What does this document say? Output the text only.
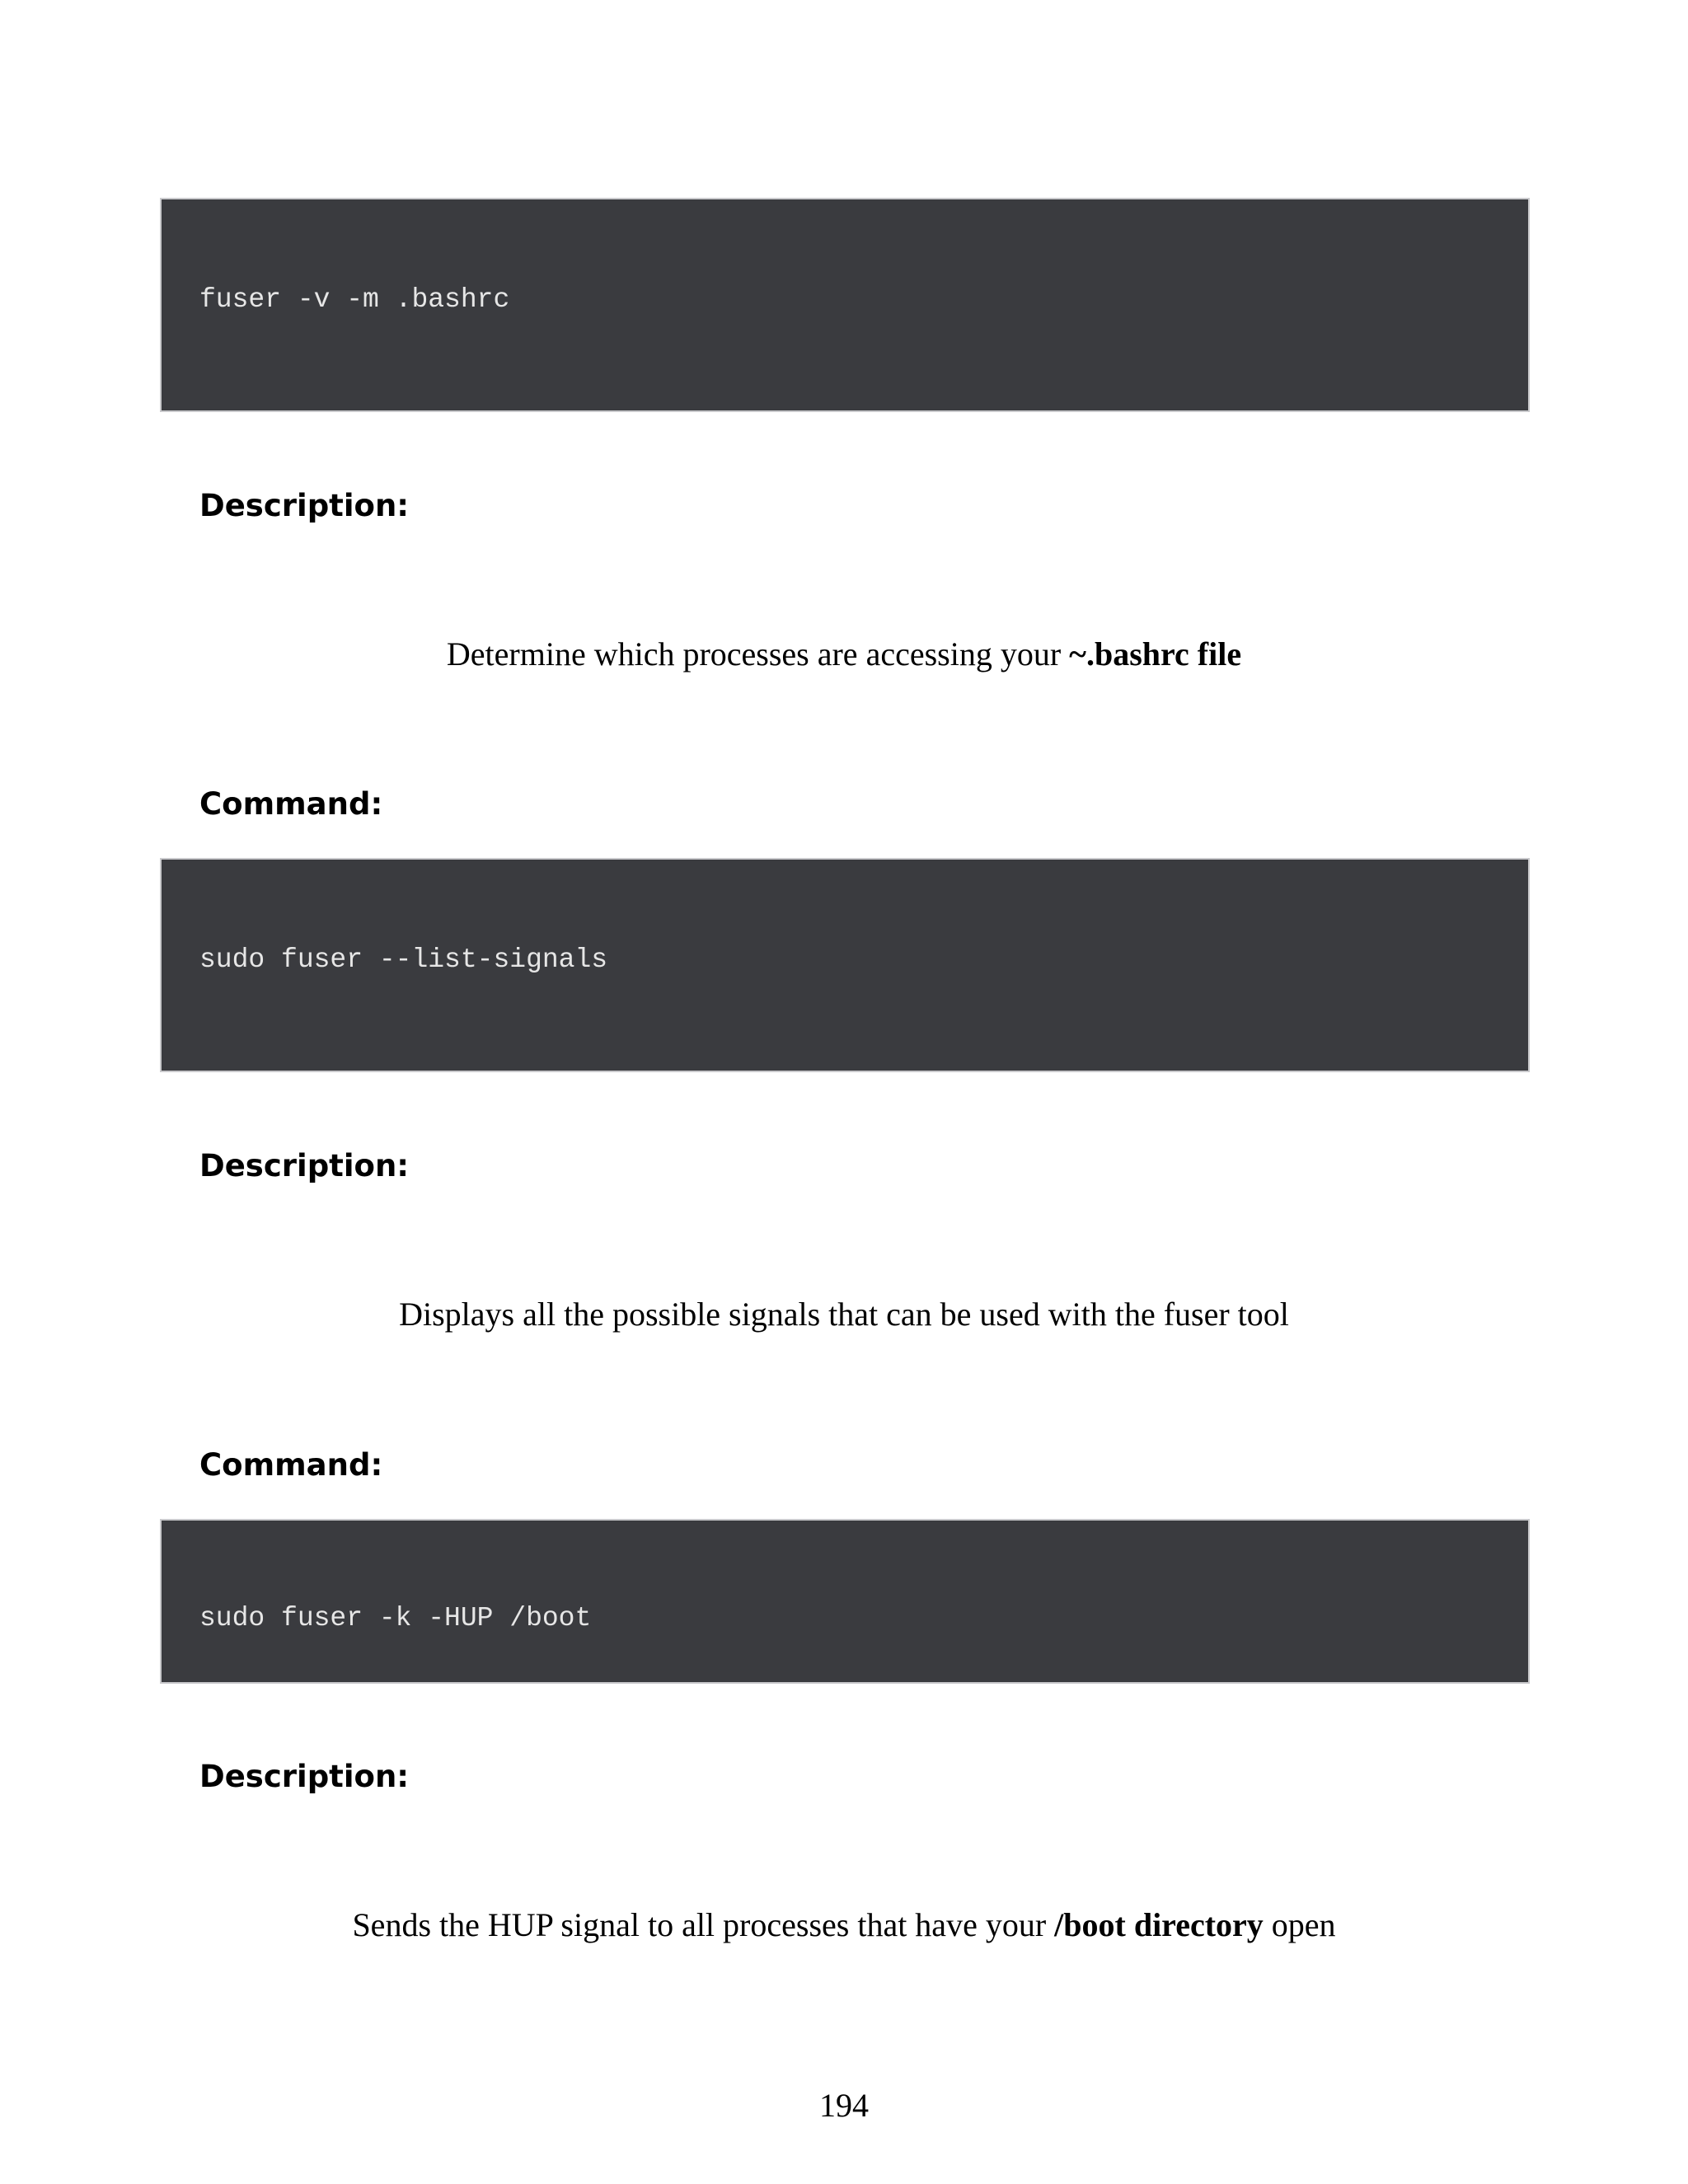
fuser -v -m .bashrc
Description:
Determine which processes are accessing your ~.bashrc file
Command:
sudo fuser --list-signals
Description:
Displays all the possible signals that can be used with the fuser tool
Command:
sudo fuser -k -HUP /boot
Description:
Sends the HUP signal to all processes that have your /boot directory open
194
